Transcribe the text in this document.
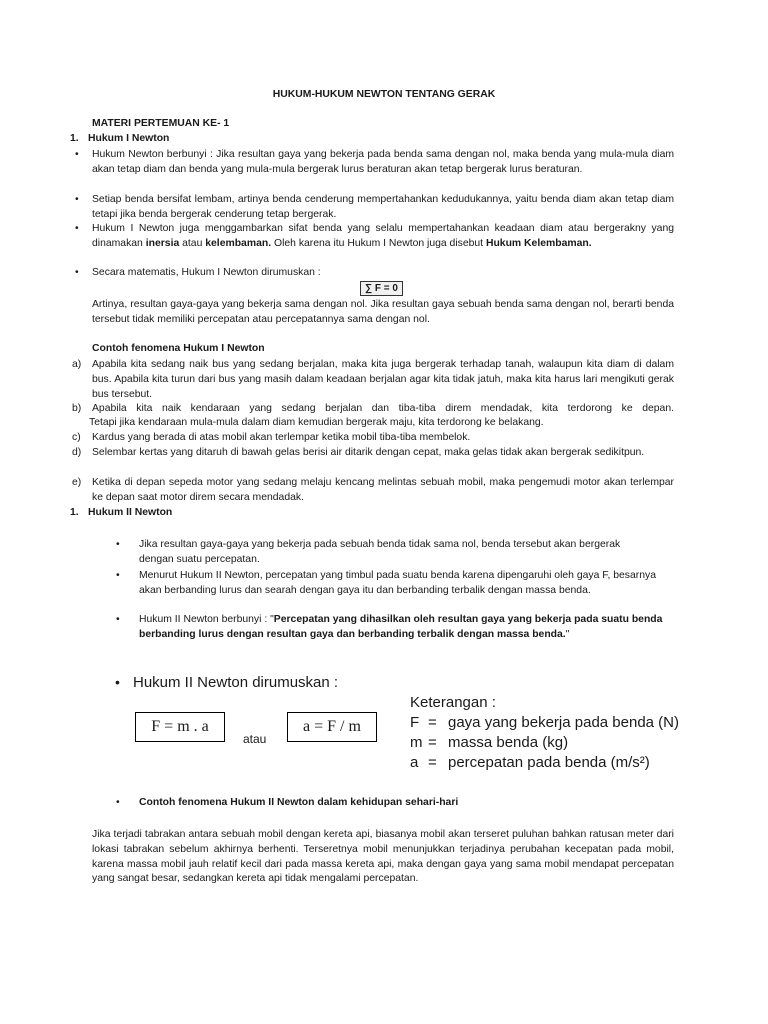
HUKUM-HUKUM NEWTON TENTANG GERAK
MATERI PERTEMUAN KE- 1
1. Hukum I Newton
• Hukum Newton berbunyi : Jika resultan gaya yang bekerja pada benda sama dengan nol, maka benda yang mula-mula diam akan tetap diam dan benda yang mula-mula bergerak lurus beraturan akan tetap bergerak lurus beraturan.
• Setiap benda bersifat lembam, artinya benda cenderung mempertahankan kedudukannya, yaitu benda diam akan tetap diam tetapi jika benda bergerak cenderung tetap bergerak.
• Hukum I Newton juga menggambarkan sifat benda yang selalu mempertahankan keadaan diam atau bergerakny yang dinamakan inersia atau kelembaman. Oleh karena itu Hukum I Newton juga disebut Hukum Kelembaman.
• Secara matematis, Hukum I Newton dirumuskan :
∑ F = 0
Artinya, resultan gaya-gaya yang bekerja sama dengan nol. Jika resultan gaya sebuah benda sama dengan nol, berarti benda tersebut tidak memiliki percepatan atau percepatannya sama dengan nol.
Contoh fenomena Hukum I Newton
a) Apabila kita sedang naik bus yang sedang berjalan, maka kita juga bergerak terhadap tanah, walaupun kita diam di dalam bus. Apabila kita turun dari bus yang masih dalam keadaan berjalan agar kita tidak jatuh, maka kita harus lari mengikuti gerak bus tersebut.
b) Apabila kita naik kendaraan yang sedang berjalan dan tiba-tiba direm mendadak, kita terdorong ke depan.
Tetapi jika kendaraan mula-mula dalam diam kemudian bergerak maju, kita terdorong ke belakang.
c) Kardus yang berada di atas mobil akan terlempar ketika mobil tiba-tiba membelok.
d) Selembar kertas yang ditaruh di bawah gelas berisi air ditarik dengan cepat, maka gelas tidak akan bergerak sedikitpun.
e) Ketika di depan sepeda motor yang sedang melaju kencang melintas sebuah mobil, maka pengemudi motor akan terlempar ke depan saat motor direm secara mendadak.
1. Hukum II Newton
• Jika resultan gaya-gaya yang bekerja pada sebuah benda tidak sama nol, benda tersebut akan bergerak dengan suatu percepatan.
• Menurut Hukum II Newton, percepatan yang timbul pada suatu benda karena dipengaruhi oleh gaya F, besarnya akan berbanding lurus dan searah dengan gaya itu dan berbanding terbalik dengan massa benda.
• Hukum II Newton berbunyi : "Percepatan yang dihasilkan oleh resultan gaya yang bekerja pada suatu benda berbanding lurus dengan resultan gaya dan berbanding terbalik dengan massa benda."
• Hukum II Newton dirumuskan :
F = m . a
atau
a = F / m
Keterangan :
F = gaya yang bekerja pada benda (N)
m = massa benda (kg)
a = percepatan pada benda (m/s²)
• Contoh fenomena Hukum II Newton dalam kehidupan sehari-hari
Jika terjadi tabrakan antara sebuah mobil dengan kereta api, biasanya mobil akan terseret puluhan bahkan ratusan meter dari lokasi tabrakan sebelum akhirnya berhenti. Terseretnya mobil menunjukkan terjadinya perubahan kecepatan pada mobil, karena massa mobil jauh relatif kecil dari pada massa kereta api, maka dengan gaya yang sama mobil mendapat percepatan yang sangat besar, sedangkan kereta api tidak mengalami percepatan.
